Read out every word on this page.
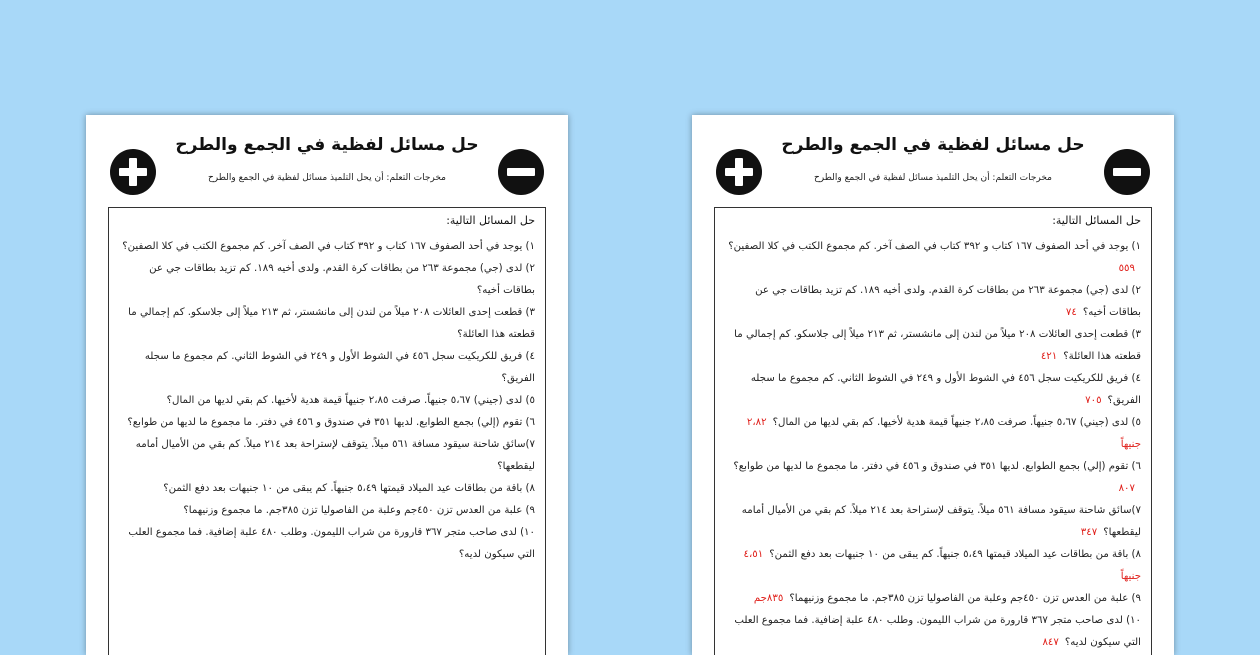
حل مسائل لفظية في الجمع والطرح
مخرجات التعلم: أن يحل التلميذ مسائل لفظية في الجمع والطرح
حل المسائل التالية:
١) يوجد في أحد الصفوف ١٦٧ كتاب و ٣٩٢ كتاب في الصف آخر. كم مجموع الكتب في كلا الصفين؟
٢) لدى (جي) مجموعة ٢٦٣ من بطاقات كرة القدم. ولدى أخيه ١٨٩. كم تزيد بطاقات جي عن بطاقات أخيه؟
٣) قطعت إحدى العائلات ٢٠٨ ميلاً من لندن إلى مانشستر، ثم ٢١٣ ميلاً إلى جلاسكو. كم إجمالي ما قطعته هذا العائلة؟
٤) فريق للكريكيت سجل ٤٥٦ في الشوط الأول و ٢٤٩ في الشوط الثاني. كم مجموع ما سجله الفريق؟
٥) لدى (جيني) ٥،٦٧ جنيهاً. صرفت ٢،٨٥ جنيهاً قيمة هدية لأخيها. كم بقي لديها من المال؟
٦) تقوم (إلي) بجمع الطوابع. لديها ٣٥١ في صندوق و ٤٥٦ في دفتر. ما مجموع ما لديها من طوابع؟
٧)سائق شاحنة سيقود مسافة ٥٦١ ميلاً. يتوقف لإستراحة بعد ٢١٤ ميلاً. كم بقي من الأميال أمامه ليقطعها؟
٨) باقة من بطاقات عيد الميلاد قيمتها ٥،٤٩ جنيهاً. كم يبقى من ١٠ جنيهات بعد دفع الثمن؟
٩) علبة من العدس تزن ٤٥٠جم وعلبة من الفاصوليا تزن ٣٨٥جم. ما مجموع وزنيهما؟
١٠) لدى صاحب متجر ٣٦٧ قارورة من شراب الليمون. وطلب ٤٨٠ علبة إضافية. فما مجموع العلب التي سيكون لديه؟
حل مسائل لفظية في الجمع والطرح
مخرجات التعلم: أن يحل التلميذ مسائل لفظية في الجمع والطرح
حل المسائل التالية:
١) يوجد في أحد الصفوف ١٦٧ كتاب و ٣٩٢ كتاب في الصف آخر. كم مجموع الكتب في كلا الصفين؟٥٥٩
٢) لدى (جي) مجموعة ٢٦٣ من بطاقات كرة القدم. ولدى أخيه ١٨٩. كم تزيد بطاقات جي عن بطاقات أخيه؟٧٤
٣) قطعت إحدى العائلات ٢٠٨ ميلاً من لندن إلى مانشستر، ثم ٢١٣ ميلاً إلى جلاسكو. كم إجمالي ما قطعته هذا العائلة؟٤٢١
٤) فريق للكريكيت سجل ٤٥٦ في الشوط الأول و ٢٤٩ في الشوط الثاني. كم مجموع ما سجله الفريق؟٧٠٥
٥) لدى (جيني) ٥،٦٧ جنيهاً. صرفت ٢،٨٥ جنيهاً قيمة هدية لأخيها. كم بقي لديها من المال؟٢،٨٢ جنيهاً
٦) تقوم (إلي) بجمع الطوابع. لديها ٣٥١ في صندوق و ٤٥٦ في دفتر. ما مجموع ما لديها من طوابع؟٨٠٧
٧)سائق شاحنة سيقود مسافة ٥٦١ ميلاً. يتوقف لإستراحة بعد ٢١٤ ميلاً. كم بقي من الأميال أمامه ليقطعها؟٣٤٧
٨) باقة من بطاقات عيد الميلاد قيمتها ٥،٤٩ جنيهاً. كم يبقى من ١٠ جنيهات بعد دفع الثمن؟٤،٥١ جنيهاً
٩) علبة من العدس تزن ٤٥٠جم وعلبة من الفاصوليا تزن ٣٨٥جم. ما مجموع وزنيهما؟٨٣٥جم
١٠) لدى صاحب متجر ٣٦٧ قارورة من شراب الليمون. وطلب ٤٨٠ علبة إضافية. فما مجموع العلب التي سيكون لديه؟٨٤٧
